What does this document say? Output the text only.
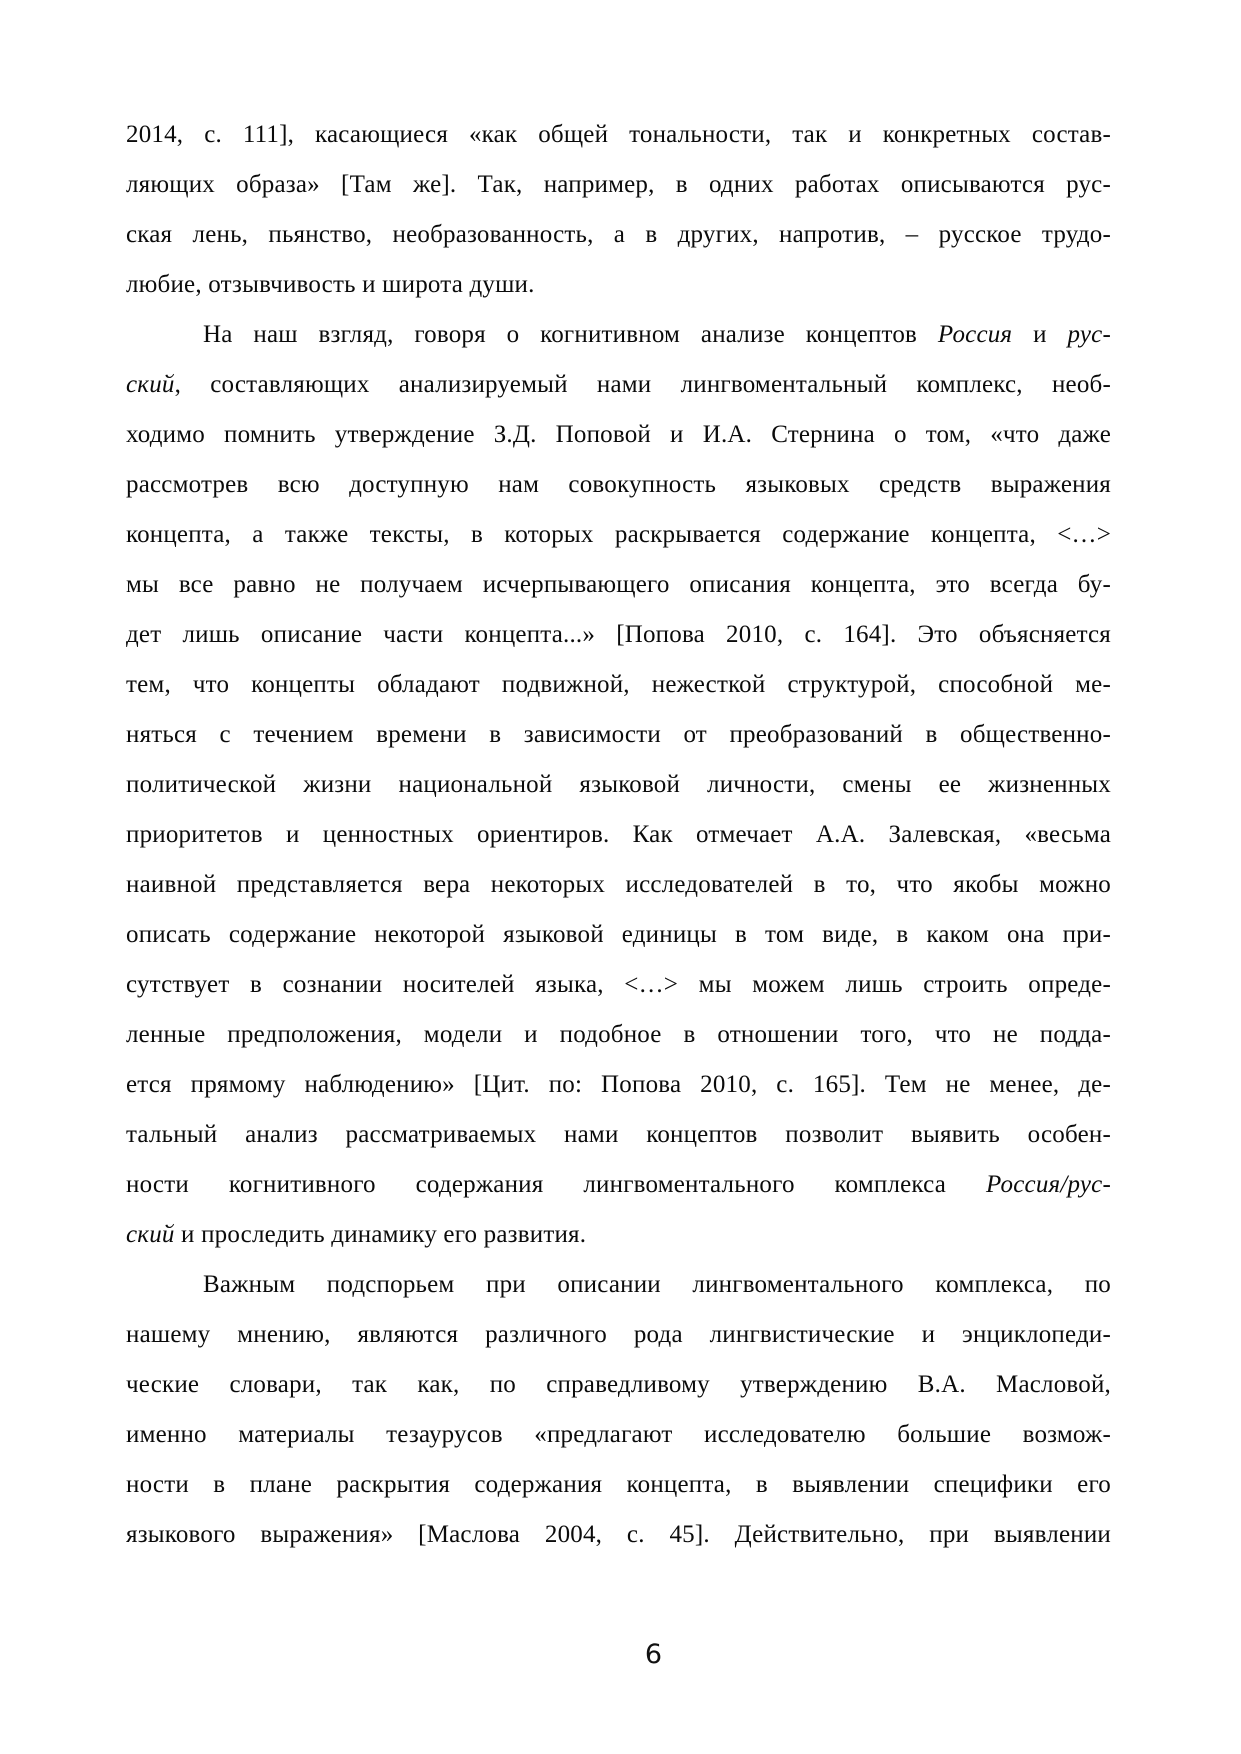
2014, с. 111], касающиеся «как общей тональности, так и конкретных состав-
ляющих образа» [Там же]. Так, например, в одних работах описываются рус-
ская лень, пьянство, необразованность, а в других, напротив, – русское трудо-
любие, отзывчивость и широта души.
На наш взгляд, говоря о когнитивном анализе концептов Россия и рус-
ский, составляющих анализируемый нами лингвоментальный комплекс, необ-
ходимо помнить утверждение З.Д. Поповой и И.А. Стернина о том, «что даже
рассмотрев всю доступную нам совокупность языковых средств выражения
концепта, а также тексты, в которых раскрывается содержание концепта, <…>
мы все равно не получаем исчерпывающего описания концепта, это всегда бу-
дет лишь описание части концепта...» [Попова 2010, с. 164]. Это объясняется
тем, что концепты обладают подвижной, нежесткой структурой, способной ме-
няться с течением времени в зависимости от преобразований в общественно-
политической жизни национальной языковой личности, смены ее жизненных
приоритетов и ценностных ориентиров. Как отмечает А.А. Залевская, «весьма
наивной представляется вера некоторых исследователей в то, что якобы можно
описать содержание некоторой языковой единицы в том виде, в каком она при-
сутствует в сознании носителей языка, <…> мы можем лишь строить опреде-
ленные предположения, модели и подобное в отношении того, что не подда-
ется прямому наблюдению» [Цит. по: Попова 2010, с. 165]. Тем не менее, де-
тальный анализ рассматриваемых нами концептов позволит выявить особен-
ности когнитивного содержания лингвоментального комплекса Россия/рус-
ский и проследить динамику его развития.
Важным подспорьем при описании лингвоментального комплекса, по
нашему мнению, являются различного рода лингвистические и энциклопеди-
ческие словари, так как, по справедливому утверждению В.А. Масловой,
именно материалы тезаурусов «предлагают исследователю большие возмож-
ности в плане раскрытия содержания концепта, в выявлении специфики его
языкового выражения» [Маслова 2004, с. 45]. Действительно, при выявлении
6
